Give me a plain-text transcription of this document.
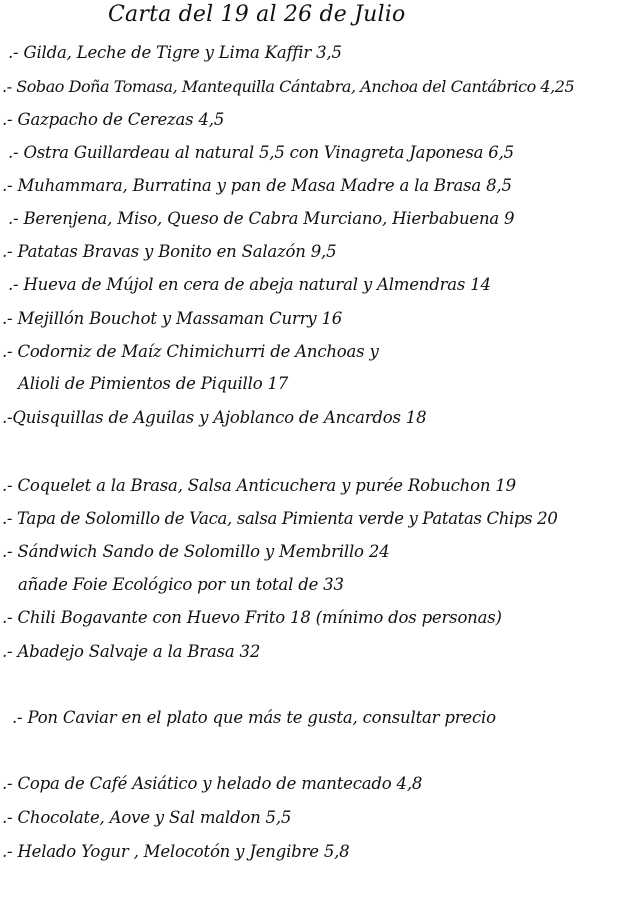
Carta del 19 al 26 de Julio
.- Gilda, Leche de Tigre y Lima Kaffir 3,5
.- Sobao Doña Tomasa, Mantequilla Cántabra, Anchoa del Cantábrico 4,25
.- Gazpacho de Cerezas 4,5
.- Ostra Guillardeau al natural 5,5 con Vinagreta Japonesa 6,5
.- Muhammara, Burratina y pan de Masa Madre a la Brasa 8,5
.- Berenjena, Miso, Queso de Cabra Murciano, Hierbabuena 9
.- Patatas Bravas y Bonito en Salazón 9,5
.- Hueva de Mújol en cera de abeja natural y Almendras 14
.- Mejillón Bouchot y Massaman Curry 16
.- Codorniz de Maíz Chimichurri de Anchoas y
Alioli de Pimientos de Piquillo 17
.-Quisquillas de Aguilas y Ajoblanco de Ancardos 18
.- Coquelet a la Brasa, Salsa Anticuchera y purée Robuchon 19
.- Tapa de Solomillo de Vaca, salsa Pimienta verde y Patatas Chips 20
.- Sándwich Sando de Solomillo y Membrillo 24
añade Foie Ecológico por un total de 33
.- Chili Bogavante con Huevo Frito 18 (mínimo dos personas)
.- Abadejo Salvaje a la Brasa 32
.- Pon Caviar en el plato que más te gusta, consultar precio
.- Copa de Café Asiático y helado de mantecado 4,8
.- Chocolate, Aove y Sal maldon 5,5
.- Helado Yogur , Melocotón y Jengibre 5,8
